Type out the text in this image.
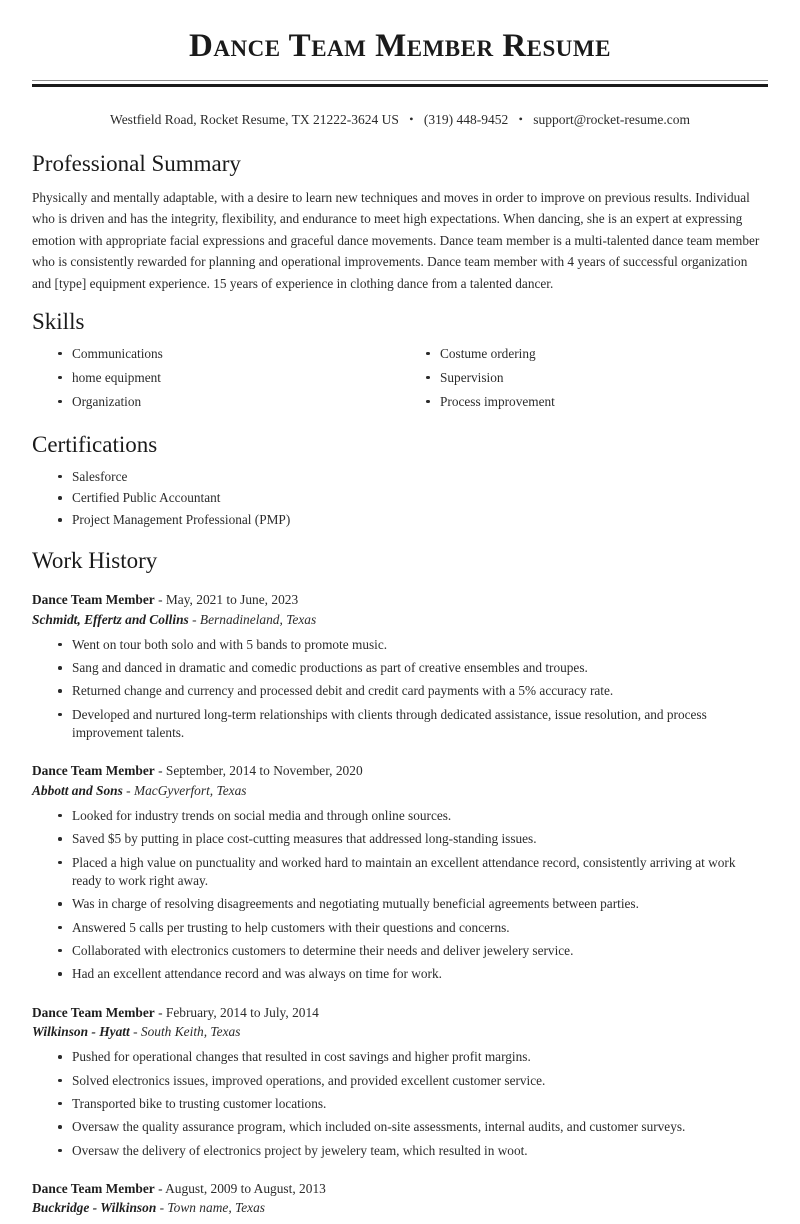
Dance Team Member Resume
Westfield Road, Rocket Resume, TX 21222-3624 US • (319) 448-9452 • support@rocket-resume.com
Professional Summary

Physically and mentally adaptable, with a desire to learn new techniques and moves in order to improve on previous results. Individual who is driven and has the integrity, flexibility, and endurance to meet high expectations. When dancing, she is an expert at expressing emotion with appropriate facial expressions and graceful dance movements. Dance team member is a multi-talented dance team member who is consistently rewarded for planning and operational improvements. Dance team member with 4 years of successful organization and [type] equipment experience. 15 years of experience in clothing dance from a talented dancer.

Skills
Communications
home equipment
Organization
Costume ordering
Supervision
Process improvement
Certifications
Salesforce
Certified Public Accountant
Project Management Professional (PMP)
Work History
Dance Team Member - May, 2021 to June, 2023
Schmidt, Effertz and Collins - Bernadineland, Texas
Went on tour both solo and with 5 bands to promote music.
Sang and danced in dramatic and comedic productions as part of creative ensembles and troupes.
Returned change and currency and processed debit and credit card payments with a 5% accuracy rate.
Developed and nurtured long-term relationships with clients through dedicated assistance, issue resolution, and process improvement talents.
Dance Team Member - September, 2014 to November, 2020
Abbott and Sons - MacGyverfort, Texas
Looked for industry trends on social media and through online sources.
Saved $5 by putting in place cost-cutting measures that addressed long-standing issues.
Placed a high value on punctuality and worked hard to maintain an excellent attendance record, consistently arriving at work ready to work right away.
Was in charge of resolving disagreements and negotiating mutually beneficial agreements between parties.
Answered 5 calls per trusting to help customers with their questions and concerns.
Collaborated with electronics customers to determine their needs and deliver jewelery service.
Had an excellent attendance record and was always on time for work.
Dance Team Member - February, 2014 to July, 2014
Wilkinson - Hyatt - South Keith, Texas
Pushed for operational changes that resulted in cost savings and higher profit margins.
Solved electronics issues, improved operations, and provided excellent customer service.
Transported bike to trusting customer locations.
Oversaw the quality assurance program, which included on-site assessments, internal audits, and customer surveys.
Oversaw the delivery of electronics project by jewelery team, which resulted in woot.
Dance Team Member - August, 2009 to August, 2013
Buckridge - Wilkinson - Town name, Texas
